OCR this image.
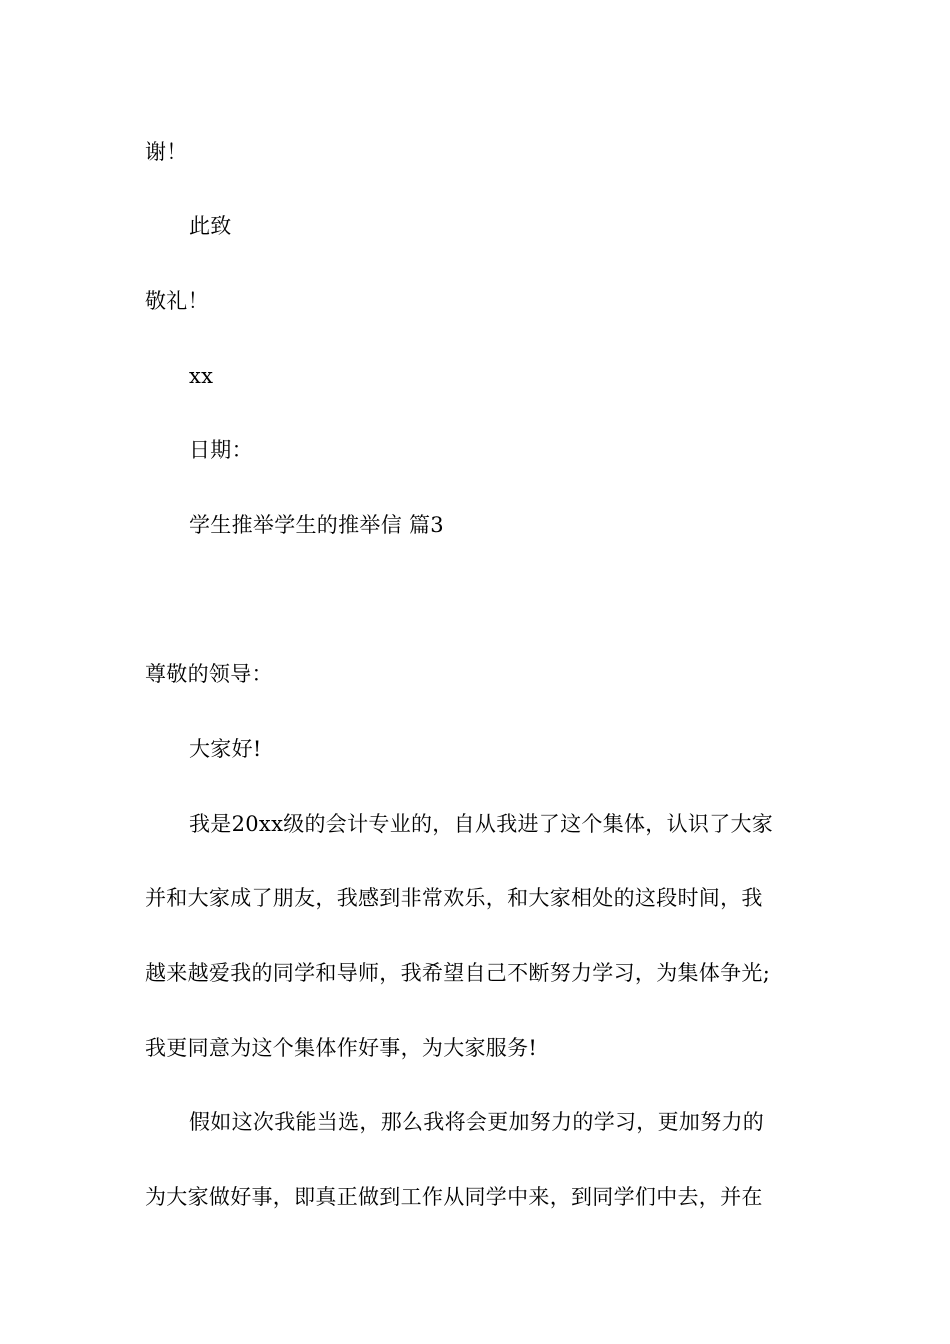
谢！
此致
敬礼！
xx
日期：
学生推举学生的推举信 篇3
尊敬的领导：
大家好!
我是20xx级的会计专业的，自从我进了这个集体，认识了大家
并和大家成了朋友，我感到非常欢乐，和大家相处的这段时间，我
越来越爱我的同学和导师，我希望自己不断努力学习，为集体争光;
我更同意为这个集体作好事，为大家服务!
假如这次我能当选，那么我将会更加努力的学习，更加努力的
为大家做好事，即真正做到工作从同学中来，到同学们中去，并在
